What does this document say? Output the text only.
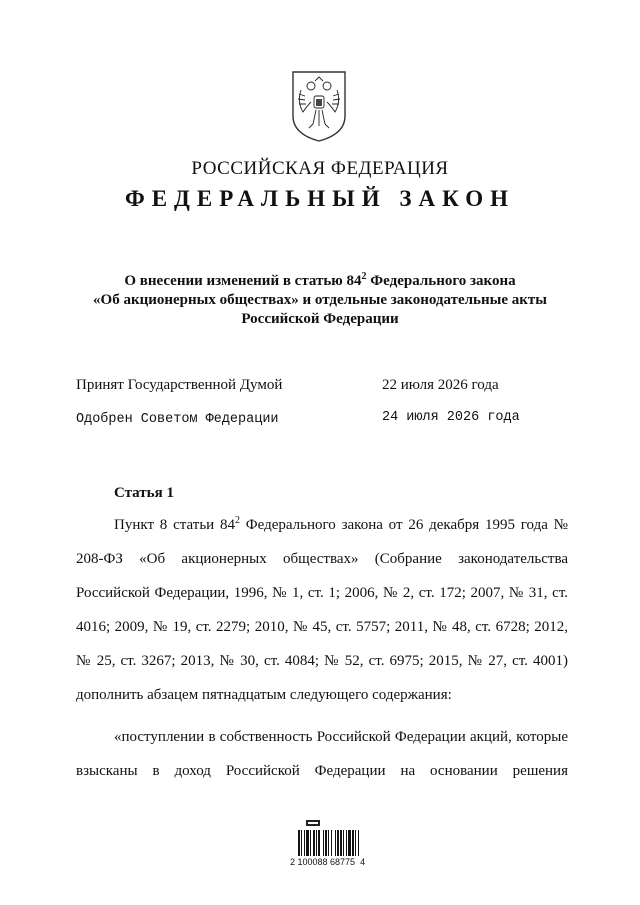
РОССИЙСКАЯ ФЕДЕРАЦИЯ
ФЕДЕРАЛЬНЫЙ ЗАКОН
О внесении изменений в статью $84^2$ Федерального закона
«Об акционерных обществах» и отдельные законодательные акты
Российской Федерации
Принят Государственной Думой	22 июля 2026 года
Одобрен Советом Федерации	24 июля 2026 года
Статья 1
Пункт 8 статьи $84^2$ Федерального закона от 26 декабря 1995 года № 208-ФЗ «Об акционерных обществах» (Собрание законодательства Российской Федерации, 1996, № 1, ст. 1; 2006, № 2, ст. 172; 2007, № 31, ст. 4016; 2009, № 19, ст. 2279; 2010, № 45, ст. 5757; 2011, № 48, ст. 6728; 2012, № 25, ст. 3267; 2013, № 30, ст. 4084; № 52, ст. 6975; 2015, № 27, ст. 4001) дополнить абзацем пятнадцатым следующего содержания:
«поступлении в собственность Российской Федерации акций, которые взысканы в доход Российской Федерации на основании решения
2 100088 68775  4
